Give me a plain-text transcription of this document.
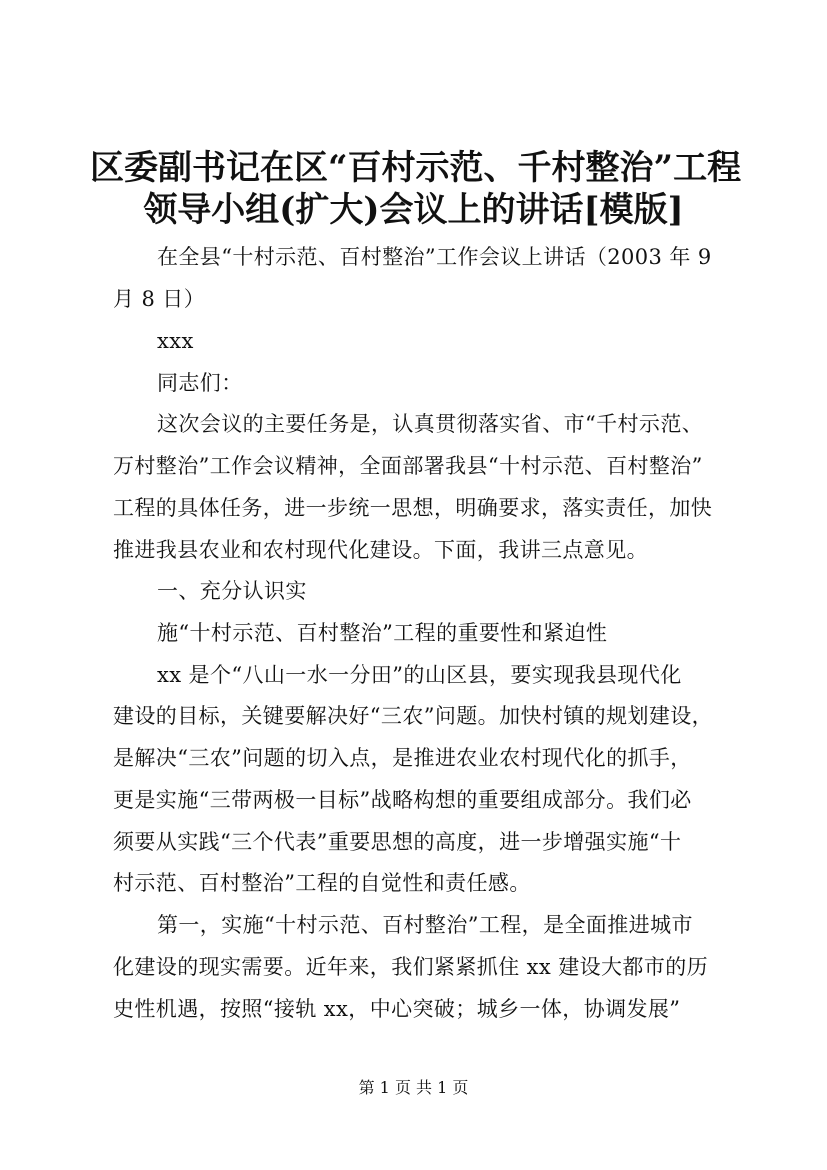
区委副书记在区“百村示范、千村整治”工程
领导小组(扩大)会议上的讲话[模版]
在全县“十村示范、百村整治”工作会议上讲话（2003 年 9
月 8 日）
xxx
同志们：
这次会议的主要任务是，认真贯彻落实省、市“千村示范、
万村整治”工作会议精神，全面部署我县“十村示范、百村整治”
工程的具体任务，进一步统一思想，明确要求，落实责任，加快
推进我县农业和农村现代化建设。下面，我讲三点意见。
一、充分认识实
施“十村示范、百村整治”工程的重要性和紧迫性
xx 是个“八山一水一分田”的山区县，要实现我县现代化
建设的目标，关键要解决好“三农”问题。加快村镇的规划建设，
是解决“三农”问题的切入点，是推进农业农村现代化的抓手，
更是实施“三带两极一目标”战略构想的重要组成部分。我们必
须要从实践“三个代表”重要思想的高度，进一步增强实施“十
村示范、百村整治”工程的自觉性和责任感。
第一，实施“十村示范、百村整治”工程，是全面推进城市
化建设的现实需要。近年来，我们紧紧抓住 xx 建设大都市的历
史性机遇，按照“接轨 xx，中心突破；城乡一体，协调发展”
第 1 页 共 1 页
